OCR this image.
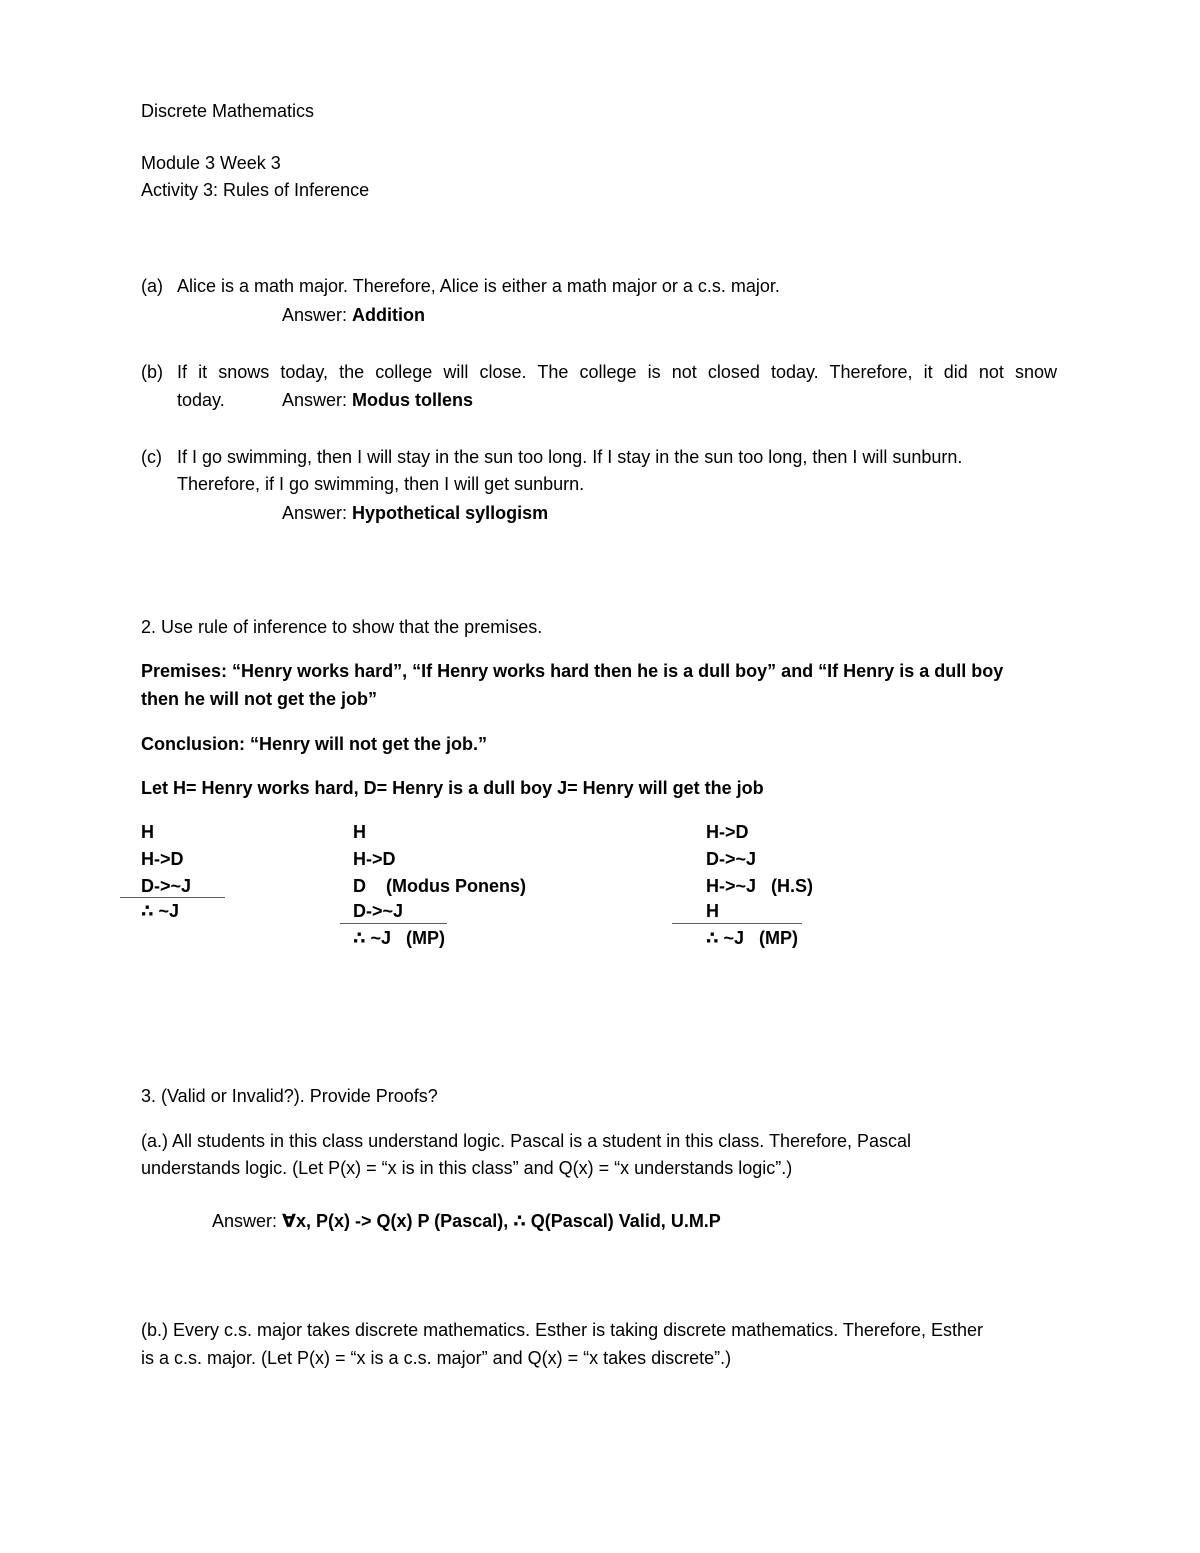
Discrete Mathematics
Module 3 Week 3
Activity 3: Rules of Inference
(a) Alice is a math major. Therefore, Alice is either a math major or a c.s. major.
Answer: Addition
(b) If it snows today, the college will close. The college is not closed today. Therefore, it did not snow
today.	Answer: Modus tollens
(c) If I go swimming, then I will stay in the sun too long. If I stay in the sun too long, then I will sunburn.
Therefore, if I go swimming, then I will get sunburn.
Answer: Hypothetical syllogism
2. Use rule of inference to show that the premises.
Premises: “Henry works hard”, “If Henry works hard then he is a dull boy” and “If Henry is a dull boy
then he will not get the job”
Conclusion: “Henry will not get the job.”
Let H= Henry works hard, D= Henry is a dull boy J= Henry will get the job
H
H->D
D->~J
∴ ~J
H
H->D
D    (Modus Ponens)
D->~J
∴ ~J   (MP)
H->D
D->~J
H->~J   (H.S)
H
∴ ~J   (MP)
3. (Valid or Invalid?). Provide Proofs?
(a.) All students in this class understand logic. Pascal is a student in this class. Therefore, Pascal
understands logic. (Let P(x) = “x is in this class” and Q(x) = “x understands logic”.)
Answer: ∀x, P(x) -> Q(x) P (Pascal), ∴ Q(Pascal) Valid, U.M.P
(b.) Every c.s. major takes discrete mathematics. Esther is taking discrete mathematics. Therefore, Esther
is a c.s. major. (Let P(x) = “x is a c.s. major” and Q(x) = “x takes discrete”.)
